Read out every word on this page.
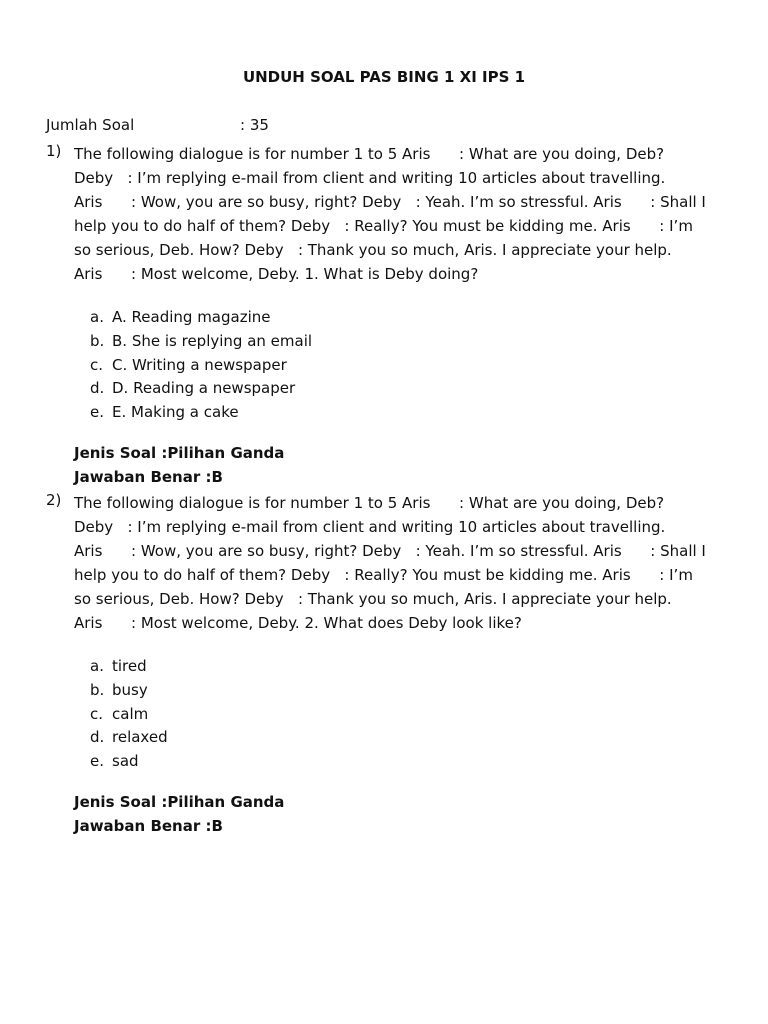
UNDUH SOAL PAS BING 1 XI IPS 1
Jumlah Soal	: 35
1) The following dialogue is for number 1 to 5 Aris      : What are you doing, Deb?
Deby   : I’m replying e-mail from client and writing 10 articles about travelling.
Aris      : Wow, you are so busy, right? Deby   : Yeah. I’m so stressful. Aris      : Shall I
help you to do half of them? Deby   : Really? You must be kidding me. Aris      : I’m
so serious, Deb. How? Deby   : Thank you so much, Aris. I appreciate your help.
Aris      : Most welcome, Deby. 1. What is Deby doing?
a. A. Reading magazine
b. B. She is replying an email
c. C. Writing a newspaper
d. D. Reading a newspaper
e. E. Making a cake
Jenis Soal :Pilihan Ganda
Jawaban Benar :B
2) The following dialogue is for number 1 to 5 Aris      : What are you doing, Deb?
Deby   : I’m replying e-mail from client and writing 10 articles about travelling.
Aris      : Wow, you are so busy, right? Deby   : Yeah. I’m so stressful. Aris      : Shall I
help you to do half of them? Deby   : Really? You must be kidding me. Aris      : I’m
so serious, Deb. How? Deby   : Thank you so much, Aris. I appreciate your help.
Aris      : Most welcome, Deby. 2. What does Deby look like?
a. tired
b. busy
c. calm
d. relaxed
e. sad
Jenis Soal :Pilihan Ganda
Jawaban Benar :B
